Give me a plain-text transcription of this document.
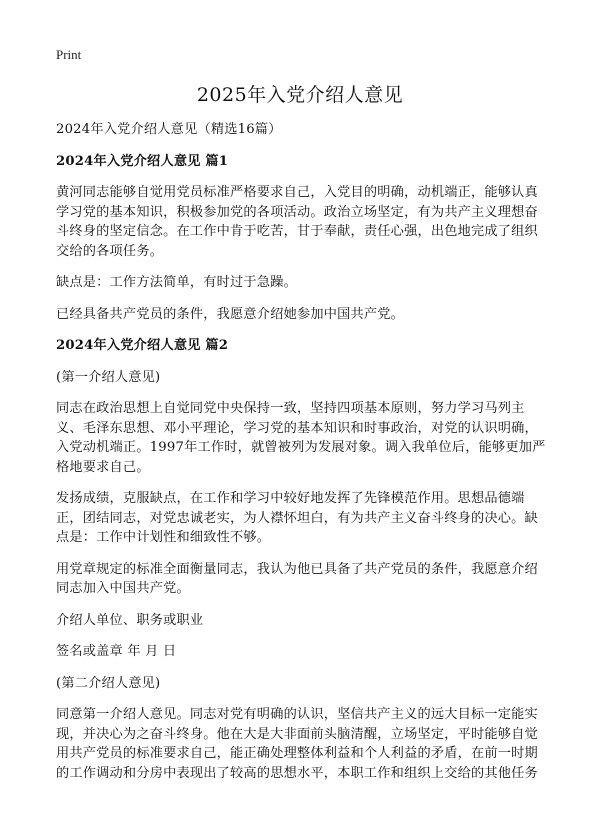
Print
2025年入党介绍人意见

2024年入党介绍人意见（精选16篇）

2024年入党介绍人意见 篇1

黄河同志能够自觉用党员标准严格要求自己，入党目的明确，动机端正，能够认真学习党的基本知识，积极参加党的各项活动。政治立场坚定，有为共产主义理想奋斗终身的坚定信念。在工作中肯于吃苦，甘于奉献，责任心强，出色地完成了组织交给的各项任务。

缺点是：工作方法简单，有时过于急躁。

已经具备共产党员的条件，我愿意介绍她参加中国共产党。

2024年入党介绍人意见 篇2

(第一介绍人意见)

同志在政治思想上自觉同党中央保持一致，坚持四项基本原则，努力学习马列主义、毛泽东思想、邓小平理论，学习党的基本知识和时事政治，对党的认识明确，入党动机端正。1997年工作时，就曾被列为发展对象。调入我单位后，能够更加严格地要求自己。

发扬成绩，克服缺点，在工作和学习中较好地发挥了先锋模范作用。思想品德端正，团结同志，对党忠诚老实，为人襟怀坦白，有为共产主义奋斗终身的决心。缺点是：工作中计划性和细致性不够。

用党章规定的标准全面衡量同志，我认为他已具备了共产党员的条件，我愿意介绍同志加入中国共产党。

介绍人单位、职务或职业

签名或盖章 年 月 日

(第二介绍人意见)

同意第一介绍人意见。同志对党有明确的认识，坚信共产主义的远大目标一定能实现，并决心为之奋斗终身。他在大是大非面前头脑清醒，立场坚定，平时能够自觉用共产党员的标准要求自己，能正确处理整体利益和个人利益的矛盾，在前一时期的工作调动和分房中表现出了较高的思想水平，本职工作和组织上交给的其他任务
